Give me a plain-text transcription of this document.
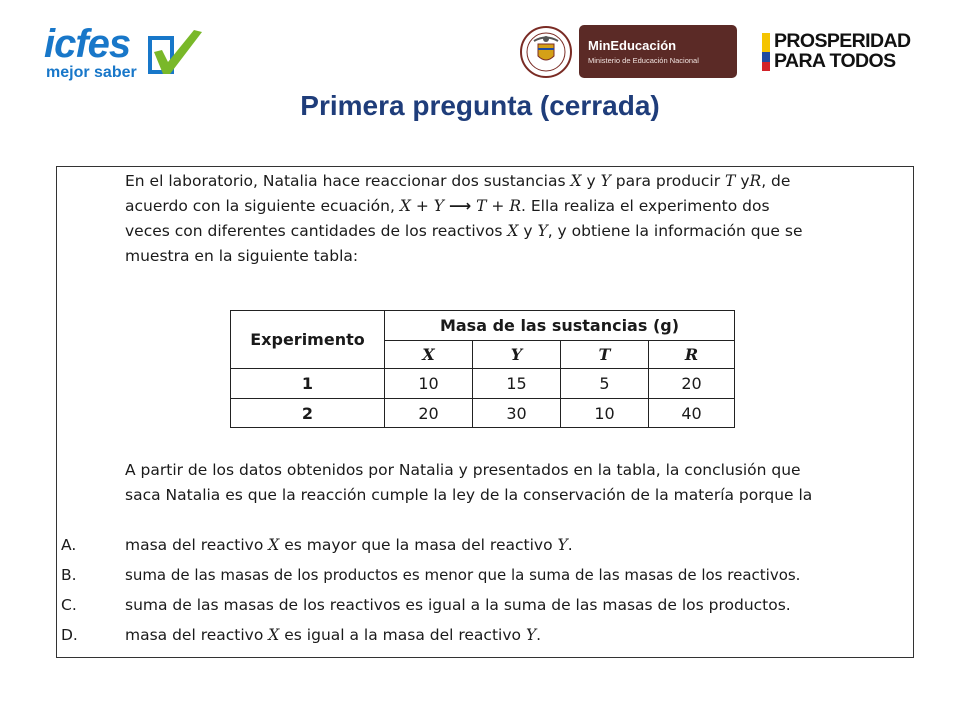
icfes
mejor saber
MinEducación
Ministerio de Educación Nacional
PROSPERIDAD
PARA TODOS
Primera pregunta (cerrada)
En el laboratorio, Natalia hace reaccionar dos sustancias X y Y para producir T yR, de
acuerdo con la siguiente ecuación, X + Y ⟶ T + R. Ella realiza el experimento dos
veces con diferentes cantidades de los reactivos X y Y, y obtiene la información que se
muestra en la siguiente tabla:
Experimento	Masa de las sustancias (g)			
	X	Y	T	R
1	10	15	5	20
2	20	30	10	40
A partir de los datos obtenidos por Natalia y presentados en la tabla, la conclusión que
saca Natalia es que la reacción cumple la ley de la conservación de la matería porque la
A.	masa del reactivo X es mayor que la masa del reactivo Y.
B.	suma de las masas de los productos es menor que la suma de las masas de los reactivos.
C.	suma de las masas de los reactivos es igual a la suma de las masas de los productos.
D.	masa del reactivo X es igual a la masa del reactivo Y.
